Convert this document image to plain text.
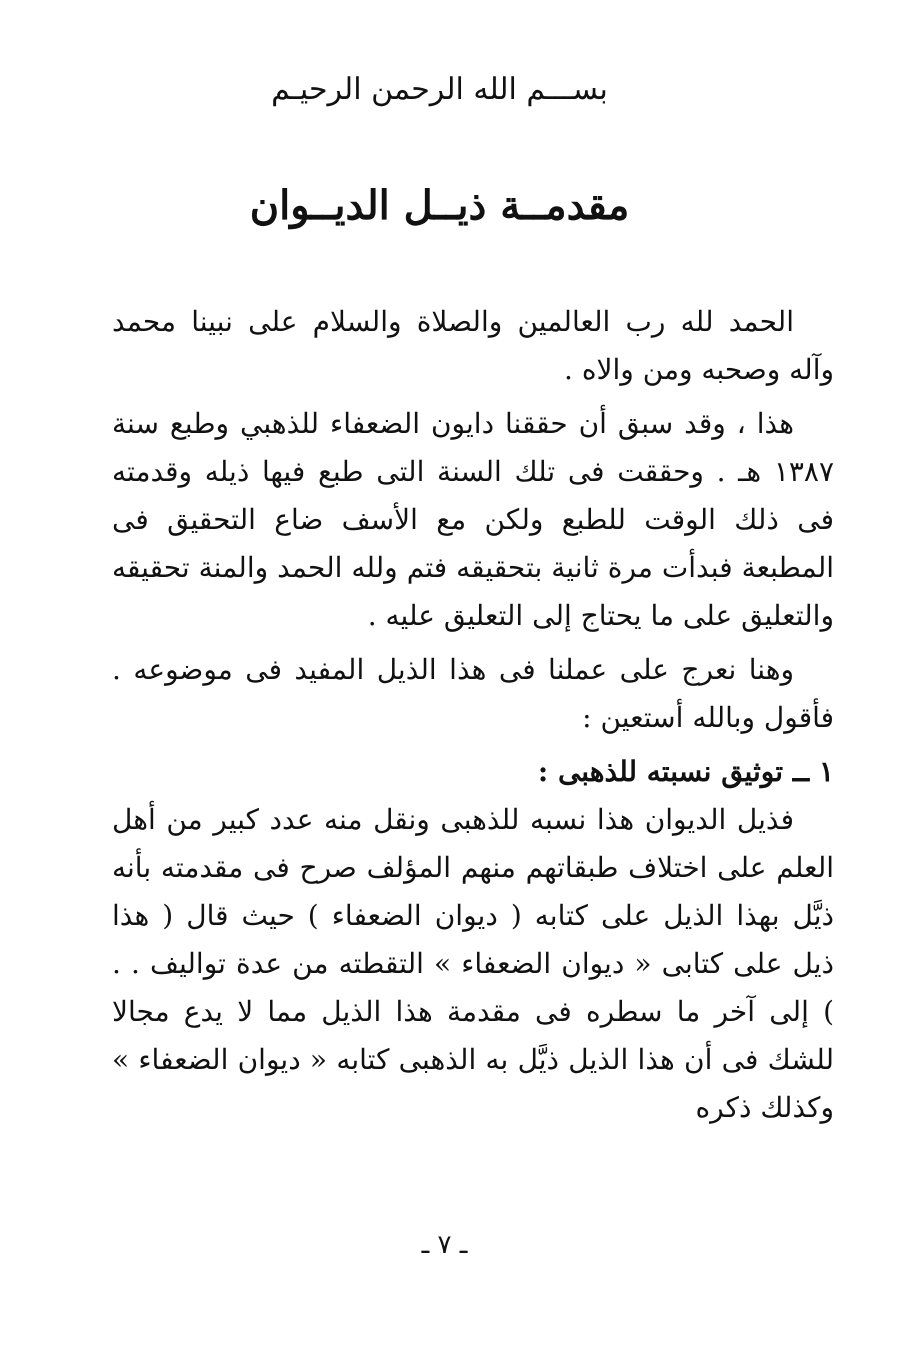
بســـم الله الرحمن الرحيـم
مقدمــة ذيــل الديــوان

الحمد لله رب العالمين والصلاة والسلام على نبينا محمد وآله وصحبه ومن والاه .

هذا ، وقد سبق أن حققنا دايون الضعفاء للذهبي وطبع سنة ١٣٨٧ هـ . وحققت فى تلك السنة التى طبع فيها ذيله وقدمته فى ذلك الوقت للطبع ولكن مع الأسف ضاع التحقيق فى المطبعة فبدأت مرة ثانية بتحقيقه فتم ولله الحمد والمنة تحقيقه والتعليق على ما يحتاج إلى التعليق عليه .

وهنا نعرج على عملنا فى هذا الذيل المفيد فى موضوعه . فأقول وبالله أستعين :

١ ــ توثيق نسبته للذهبى :

فذيل الديوان هذا نسبه للذهبى ونقل منه عدد كبير من أهل العلم على اختلاف طبقاتهم منهم المؤلف صرح فى مقدمته بأنه ذيَّل بهذا الذيل على كتابه ( ديوان الضعفاء ) حيث قال ( هذا ذيل على كتابى « ديوان الضعفاء » التقطته من عدة تواليف . . ) إلى آخر ما سطره فى مقدمة هذا الذيل مما لا يدع مجالا للشك فى أن هذا الذيل ذيَّل به الذهبى كتابه « ديوان الضعفاء » وكذلك ذكره

ـ ٧ ـ
